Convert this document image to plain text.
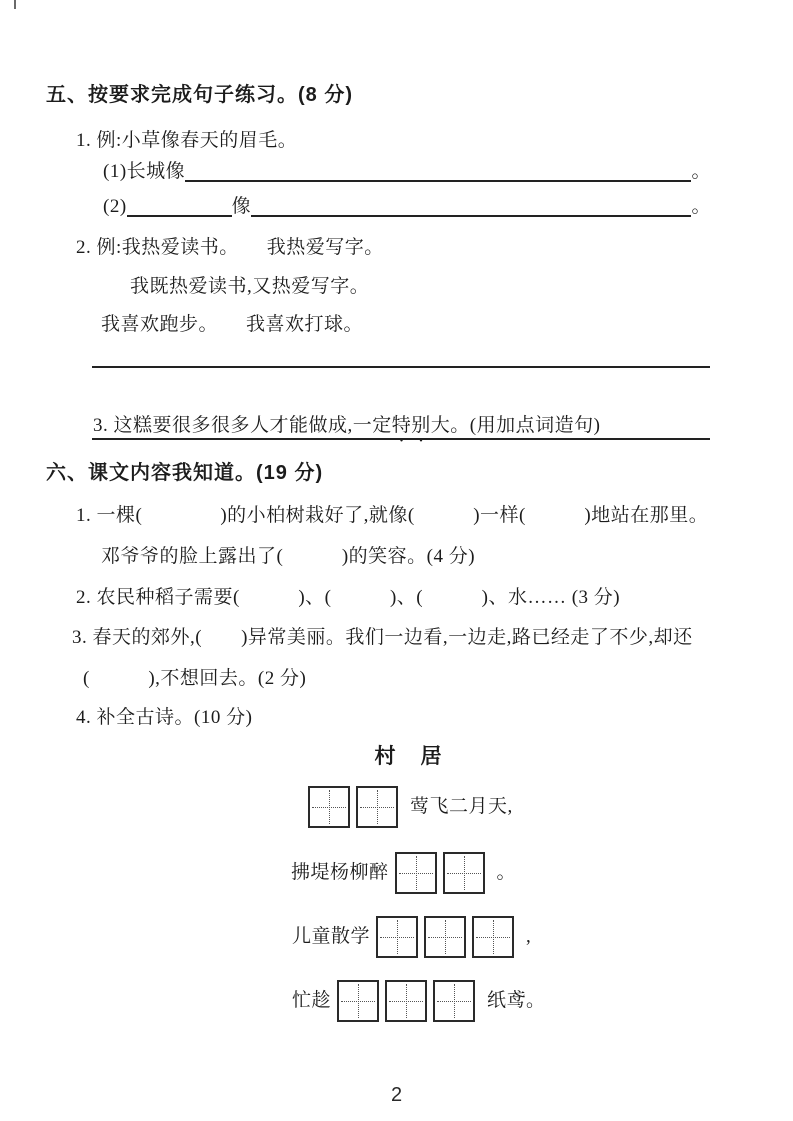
五、按要求完成句子练习。(8 分)
1. 例:小草像春天的眉毛。
(1)长城像	。
(2)	像	。
2. 例:我热爱读书。 我热爱写字。
我既热爱读书,又热爱写字。
我喜欢跑步。 我喜欢打球。

3. 这糕要很多很多人才能做成,一定特别大。(用加点词造句)

六、课文内容我知道。(19 分)
1. 一棵(　　　　)的小柏树栽好了,就像(　　　)一样(　　　)地站在那里。
邓爷爷的脸上露出了(　　　)的笑容。(4 分)
2. 农民种稻子需要(　　　)、(　　　)、(　　　)、水…… (3 分)
3. 春天的郊外,(　　)异常美丽。我们一边看,一边走,路已经走了不少,却还
(　　　),不想回去。(2 分)
4. 补全古诗。(10 分)
村　居
莺飞二月天,
拂堤杨柳醉	。
儿童散学	,
忙趁	纸鸢。
2
